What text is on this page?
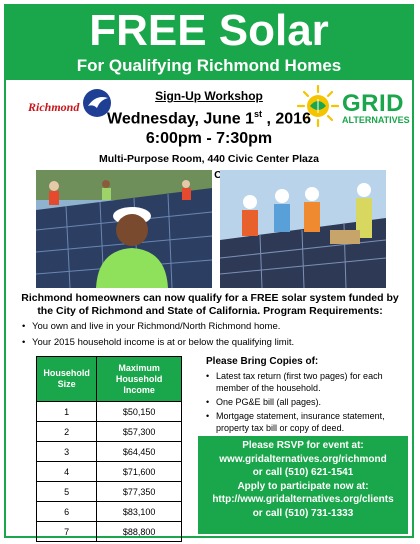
FREE Solar
For Qualifying Richmond Homes
Richmond	GRID
ALTERNATIVES
Sign-Up Workshop
Wednesday, June 1st , 2016
6:00pm - 7:30pm
Multi-Purpose Room, 440 Civic Center Plaza
Richmond homeowners can now qualify for a FREE solar system funded by the City of Richmond and State of California. Program Requirements:
• You own and live in your Richmond/North Richmond home.
• Your 2015 household income is at or below the qualifying limit.
Household Size	Maximum Household Income
1	$50,150
2	$57,300
3	$64,450
4	$71,600
5	$77,350
6	$83,100
7	$88,800
Please Bring Copies of:
• Latest tax return (first two pages) for each member of the household.
• One PG&E bill (all pages).
• Mortgage statement, insurance statement, property tax bill or copy of deed.
Please RSVP for event at:
www.gridalternatives.org/richmond
or call (510) 621-1541
Apply to participate now at:
http://www.gridalternatives.org/clients
or call (510) 731-1333
